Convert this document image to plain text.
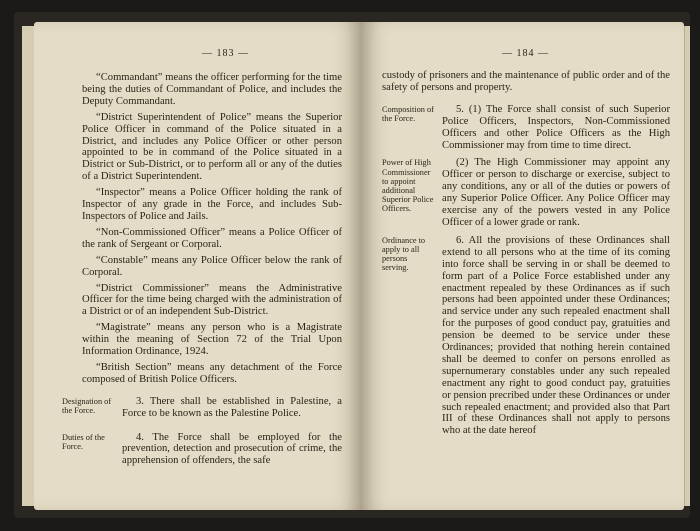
— 183 —

“Commandant” means the officer performing for the time being the duties of Commandant of Police, and includes the Deputy Commandant.

“District Superintendent of Police” means the Superior Police Officer in command of the Police situated in a District, and includes any Police Officer or other person appointed to be in command of the Police situated in a District or Sub-District, or to perform all or any of the duties of a District Superintendent.

“Inspector” means a Police Officer holding the rank of Inspector of any grade in the Force, and includes Sub-Inspectors of Police and Jails.

“Non-Commissioned Officer” means a Police Officer of the rank of Sergeant or Corporal.

“Constable” means any Police Officer below the rank of Corporal.

“District Commissioner” means the Administrative Officer for the time being charged with the administration of a District or of an independent Sub-District.

“Magistrate” means any person who is a Magistrate within the meaning of Section 72 of the Trial Upon Information Ordinance, 1924.

“British Section” means any detachment of the Force composed of British Police Officers.

Designation of the Force.

3. There shall be established in Palestine, a Force to be known as the Palestine Police.

Duties of the Force.

4. The Force shall be employed for the prevention, detection and prosecution of crime, the apprehension of offenders, the safe

— 184 —

custody of prisoners and the maintenance of public order and of the safety of persons and property.

Composition of the Force.

5. (1) The Force shall consist of such Superior Police Officers, Inspectors, Non-Commissioned Officers and other Police Officers as the High Commissioner may from time to time direct.

Power of High Commissioner to appoint additional Superior Police Officers.

(2) The High Commissioner may appoint any Officer or person to discharge or exercise, subject to any conditions, any or all of the duties or powers of any Superior Police Officer. Any Police Officer may exercise any of the powers vested in any Police Officer of a lower grade or rank.

Ordinance to apply to all persons serving.

6. All the provisions of these Ordinances shall extend to all persons who at the time of its coming into force shall be serving in or shall be deemed to form part of a Police Force established under any enactment repealed by these Ordinances as if such persons had been appointed under these Ordinances; and service under any such repealed enactment shall for the purposes of good conduct pay, gratuities and pension be deemed to be service under these Ordinances; provided that nothing herein contained shall be deemed to confer on persons enrolled as supernumerary constables under any such repealed enactment any right to good conduct pay, gratuities or pension precribed under these Ordinances or under such repealed enactment; and provided also that Part III of these Ordinances shall not apply to persons who at the date hereof
